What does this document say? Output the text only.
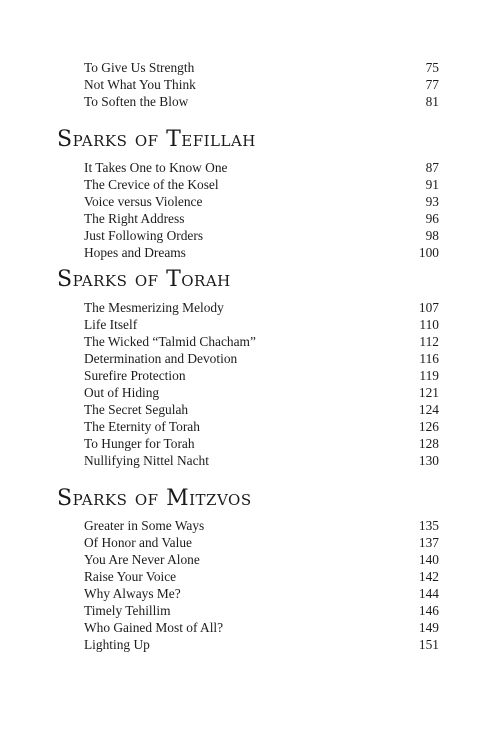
To Give Us Strength	75
Not What You Think	77
To Soften the Blow	81
Sparks of Tefillah
It Takes One to Know One	87
The Crevice of the Kosel	91
Voice versus Violence	93
The Right Address	96
Just Following Orders	98
Hopes and Dreams	100
Sparks of Torah
The Mesmerizing Melody	107
Life Itself	110
The Wicked “Talmid Chacham”	112
Determination and Devotion	116
Surefire Protection	119
Out of Hiding	121
The Secret Segulah	124
The Eternity of Torah	126
To Hunger for Torah	128
Nullifying Nittel Nacht	130
Sparks of Mitzvos
Greater in Some Ways	135
Of Honor and Value	137
You Are Never Alone	140
Raise Your Voice	142
Why Always Me?	144
Timely Tehillim	146
Who Gained Most of All?	149
Lighting Up	151
